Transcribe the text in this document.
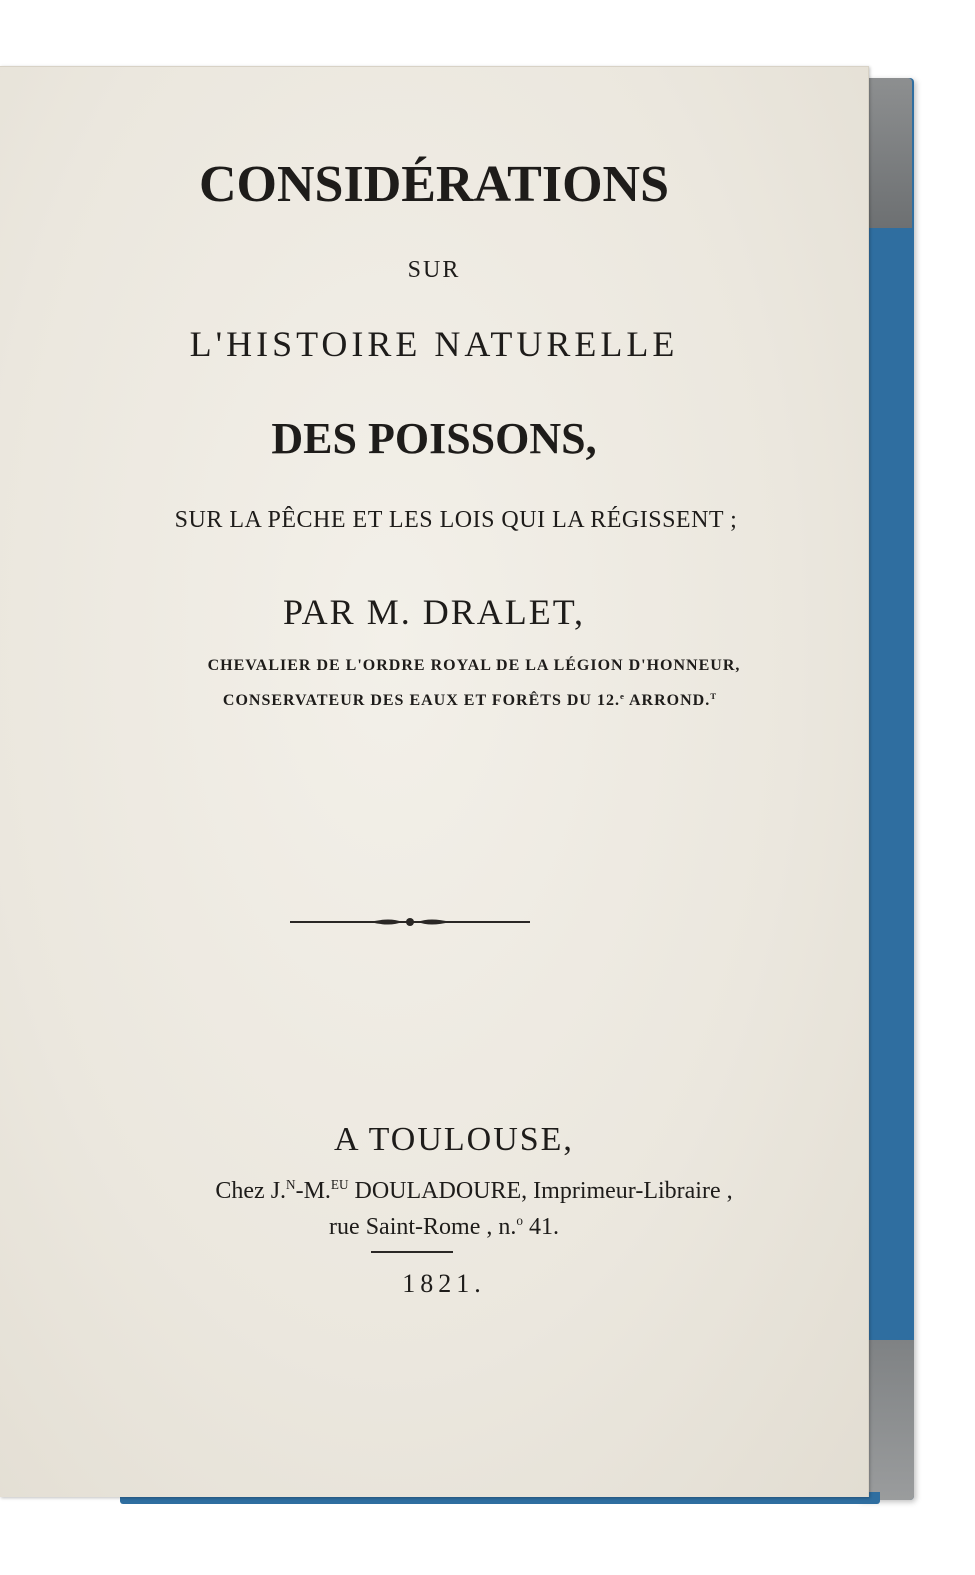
CONSIDÉRATIONS
SUR
L'HISTOIRE NATURELLE
DES POISSONS,
SUR LA PÊCHE ET LES LOIS QUI LA RÉGISSENT ;
PAR M. DRALET,
CHEVALIER DE L'ORDRE ROYAL DE LA LÉGION D'HONNEUR,
CONSERVATEUR DES EAUX ET FORÊTS DU 12.$^e$ ARROND.$^T$
A TOULOUSE,
Chez J.$^N$-M.$^{EU}$ DOULADOURE, Imprimeur-Libraire ,
rue Saint-Rome , n.$^o$ 41.
1821.
